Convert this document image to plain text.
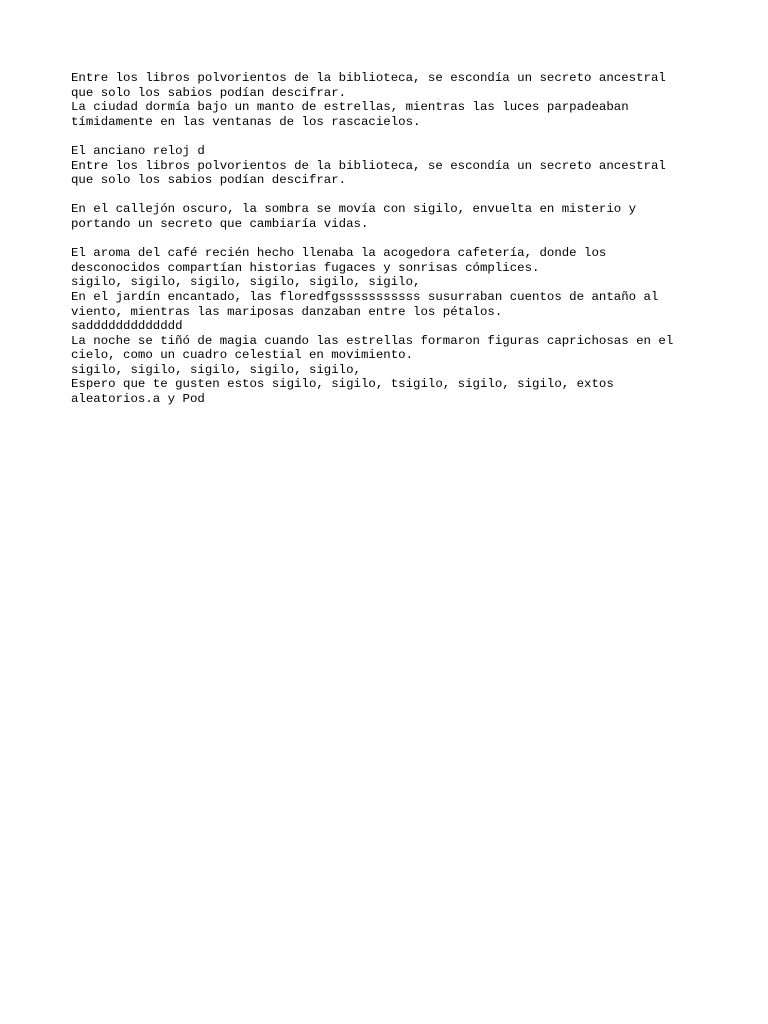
Entre los libros polvorientos de la biblioteca, se escondía un secreto ancestral
que solo los sabios podían descifrar.
La ciudad dormía bajo un manto de estrellas, mientras las luces parpadeaban
tímidamente en las ventanas de los rascacielos.
El anciano reloj d
Entre los libros polvorientos de la biblioteca, se escondía un secreto ancestral
que solo los sabios podían descifrar.
En el callejón oscuro, la sombra se movía con sigilo, envuelta en misterio y
portando un secreto que cambiaría vidas.
El aroma del café recién hecho llenaba la acogedora cafetería, donde los
desconocidos compartían historias fugaces y sonrisas cómplices.
sigilo, sigilo, sigilo, sigilo, sigilo, sigilo,
En el jardín encantado, las floredfgsssssssssss susurraban cuentos de antaño al
viento, mientras las mariposas danzaban entre los pétalos.
saddddddddddddd
La noche se tiñó de magia cuando las estrellas formaron figuras caprichosas en el
cielo, como un cuadro celestial en movimiento.
sigilo, sigilo, sigilo, sigilo, sigilo,
Espero que te gusten estos sigilo, sigilo, tsigilo, sigilo, sigilo, extos
aleatorios.a y Pod
